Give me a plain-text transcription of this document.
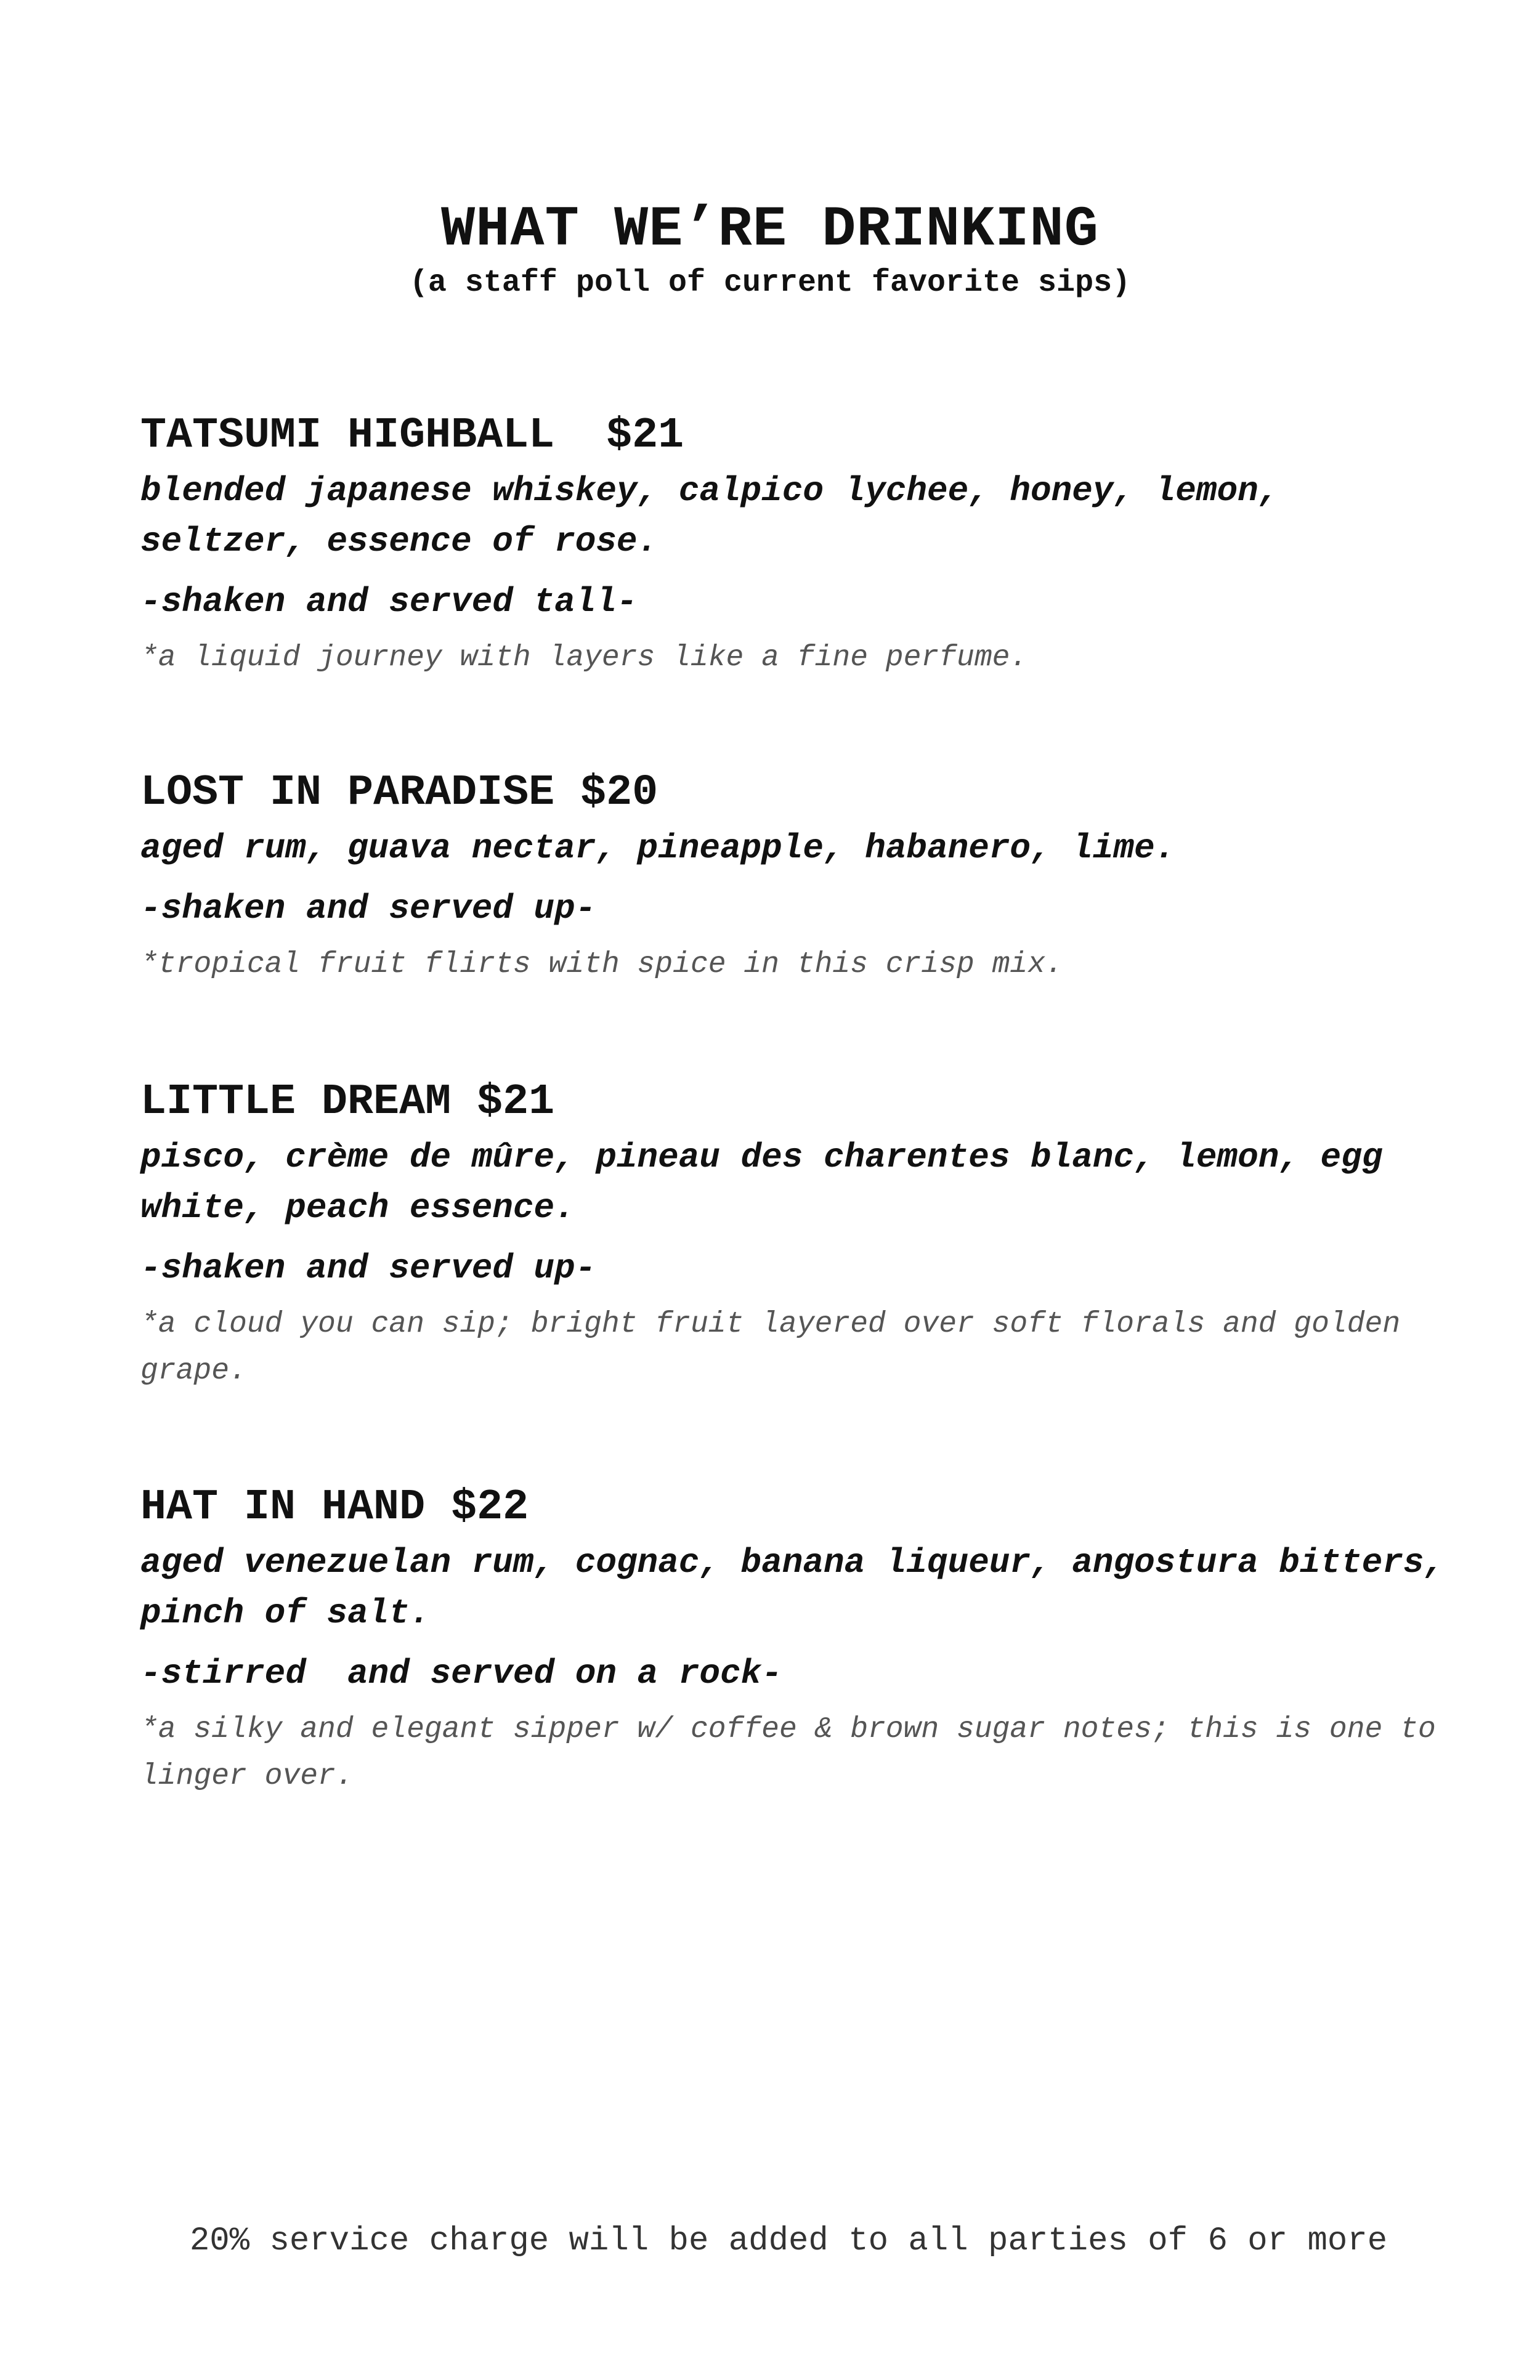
WHAT WE’RE DRINKING

(a staff poll of current favorite sips)

TATSUMI HIGHBALL $21

blended japanese whiskey, calpico lychee, honey, lemon, seltzer, essence of rose.

-shaken and served tall-

*a liquid journey with layers like a fine perfume.

LOST IN PARADISE $20

aged rum, guava nectar, pineapple, habanero, lime.

-shaken and served up-

*tropical fruit flirts with spice in this crisp mix.

LITTLE DREAM $21

pisco, crème de mûre, pineau des charentes blanc, lemon, egg white, peach essence.

-shaken and served up-

*a cloud you can sip; bright fruit layered over soft florals and golden grape.

HAT IN HAND $22

aged venezuelan rum, cognac, banana liqueur, angostura bitters, pinch of salt.

-stirred  and served on a rock-

*a silky and elegant sipper w/ coffee & brown sugar notes; this is one to linger over.

20% service charge will be added to all parties of 6 or more
